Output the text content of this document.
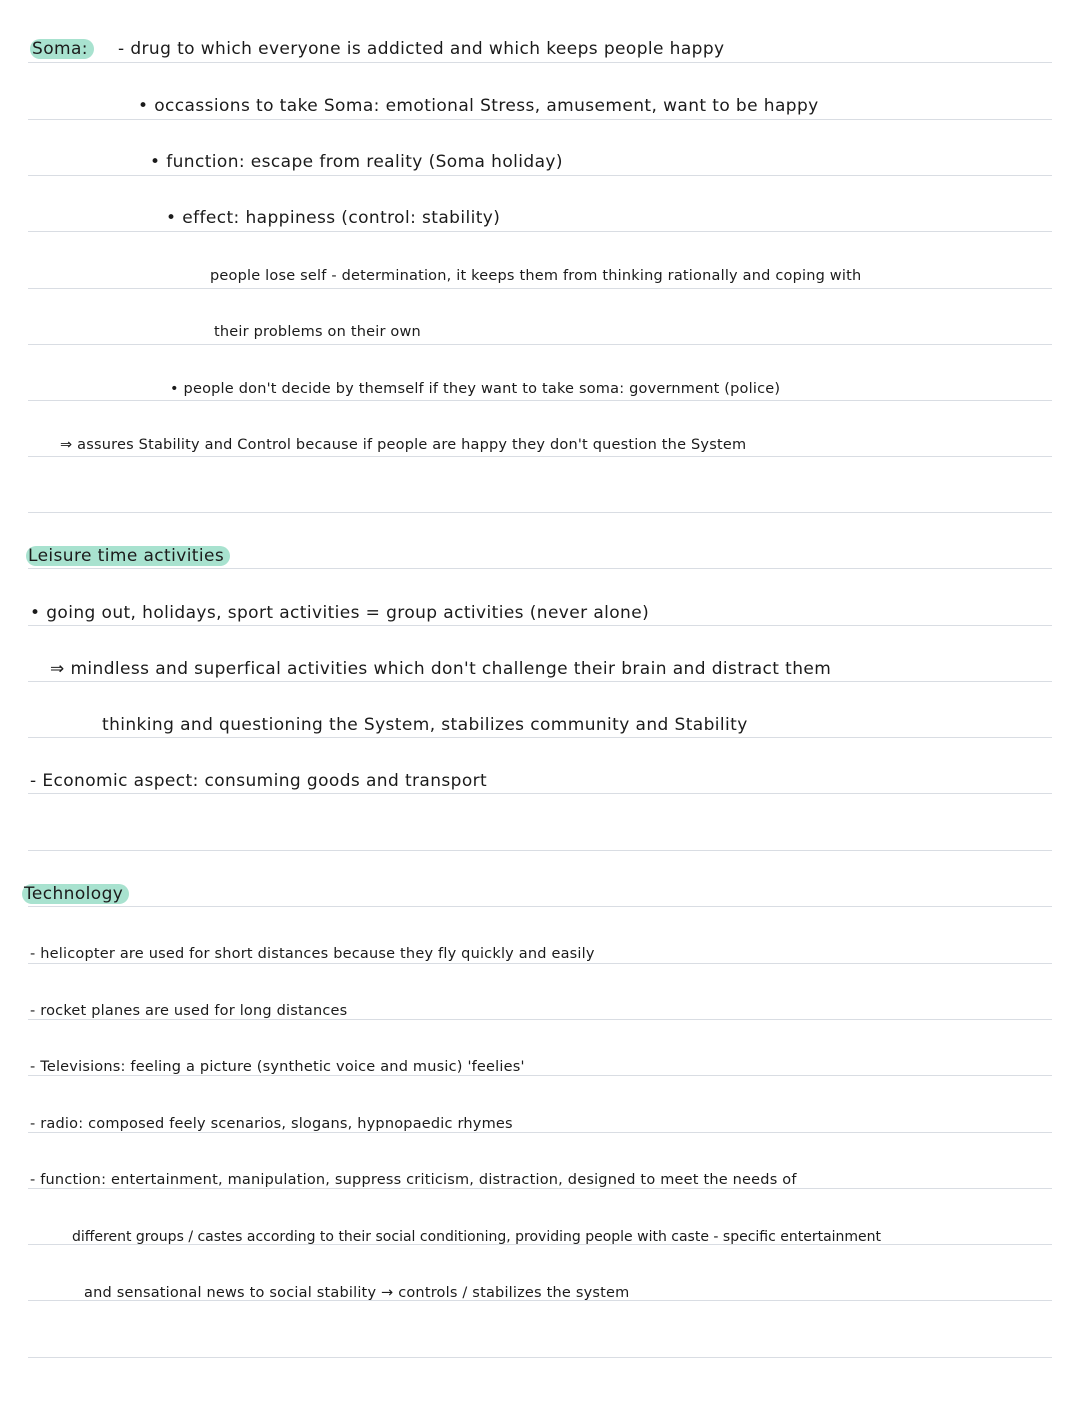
Soma:	- drug to which everyone is addicted and which keeps people happy
• occassions to take Soma: emotional Stress, amusement, want to be happy
• function: escape from reality (Soma holiday)
• effect: happiness (control: stability)
people lose self - determination, it keeps them from thinking rationally and coping with
their problems on their own
• people don't decide by themself if they want to take soma: government (police)
⇒ assures Stability and Control because if people are happy they don't question the System
Leisure time activities
• going out, holidays, sport activities = group activities (never alone)
⇒ mindless and superfical activities which don't challenge their brain and distract them
thinking and questioning the System, stabilizes community and Stability
- Economic aspect: consuming goods and transport
Technology
- helicopter are used for short distances because they fly quickly and easily
- rocket planes are used for long distances
- Televisions: feeling a picture (synthetic voice and music) 'feelies'
- radio: composed feely scenarios, slogans, hypnopaedic rhymes
- function: entertainment, manipulation, suppress criticism, distraction, designed to meet the needs of
different groups / castes according to their social conditioning, providing people with caste - specific entertainment
and sensational news to social stability → controls / stabilizes the system
